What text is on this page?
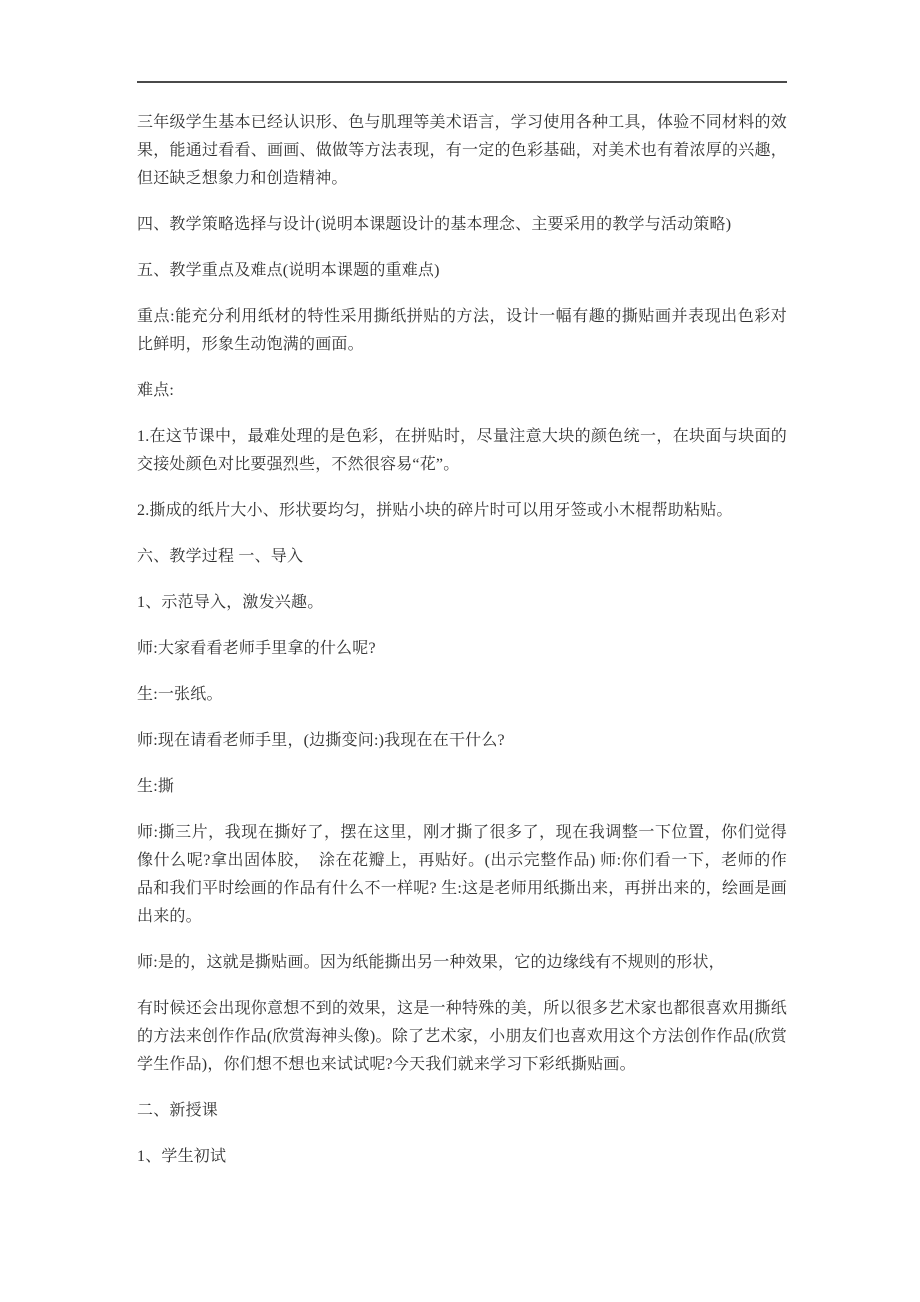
三年级学生基本已经认识形、色与肌理等美术语言，学习使用各种工具，体验不同材料的效果，能通过看看、画画、做做等方法表现，有一定的色彩基础，对美术也有着浓厚的兴趣，但还缺乏想象力和创造精神。

四、教学策略选择与设计(说明本课题设计的基本理念、主要采用的教学与活动策略)

五、教学重点及难点(说明本课题的重难点)

重点:能充分利用纸材的特性采用撕纸拼贴的方法，设计一幅有趣的撕贴画并表现出色彩对比鲜明，形象生动饱满的画面。

难点:

1.在这节课中，最难处理的是色彩，在拼贴时，尽量注意大块的颜色统一，在块面与块面的交接处颜色对比要强烈些，不然很容易“花”。

2.撕成的纸片大小、形状要均匀，拼贴小块的碎片时可以用牙签或小木棍帮助粘贴。

六、教学过程 一、导入

1、示范导入，激发兴趣。

师:大家看看老师手里拿的什么呢?

生:一张纸。

师:现在请看老师手里，(边撕变问:)我现在在干什么?

生:撕

师:撕三片，我现在撕好了，摆在这里，刚才撕了很多了，现在我调整一下位置，你们觉得像什么呢?拿出固体胶，　涂在花瓣上，再贴好。(出示完整作品) 师:你们看一下，老师的作品和我们平时绘画的作品有什么不一样呢? 生:这是老师用纸撕出来，再拼出来的，绘画是画出来的。

师:是的，这就是撕贴画。因为纸能撕出另一种效果，它的边缘线有不规则的形状，

有时候还会出现你意想不到的效果，这是一种特殊的美，所以很多艺术家也都很喜欢用撕纸的方法来创作作品(欣赏海神头像)。除了艺术家，小朋友们也喜欢用这个方法创作作品(欣赏学生作品)，你们想不想也来试试呢?今天我们就来学习下彩纸撕贴画。

二、新授课

1、学生初试
